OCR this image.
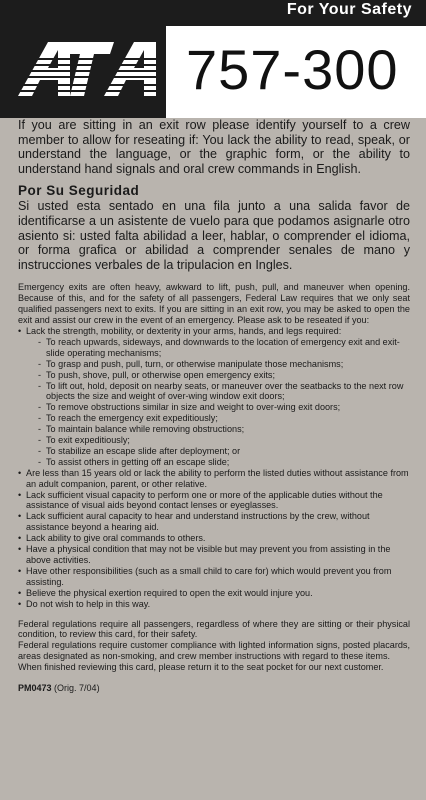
For Your Safety
757-300

If you are sitting in an exit row please identify yourself to a crew member to allow for reseating if: You lack the ability to read, speak, or understand the language, or the graphic form, or the ability to understand hand signals and oral crew commands in English.

Por Su Seguridad

Si usted esta sentado en una fila junto a una salida favor de identificarse a un asistente de vuelo para que podamos asignarle otro asiento si: usted falta abilidad a leer, hablar, o comprender el idioma, or forma grafica or abilidad a comprender senales de mano y instrucciones verbales de la tripulacion en Ingles.

Emergency exits are often heavy, awkward to lift, push, pull, and maneuver when opening. Because of this, and for the safety of all passengers, Federal Law requires that we only seat qualified passengers next to exits. If you are sitting in an exit row, you may be asked to open the exit and assist our crew in the event of an emergency. Please ask to be reseated if you:

• Lack the strength, mobility, or dexterity in your arms, hands, and legs required:
- To reach upwards, sideways, and downwards to the location of emergency exit and exit-slide operating mechanisms;
- To grasp and push, pull, turn, or otherwise manipulate those mechanisms;
- To push, shove, pull, or otherwise open emergency exits;
- To lift out, hold, deposit on nearby seats, or maneuver over the seatbacks to the next row objects the size and weight of over-wing window exit doors;
- To remove obstructions similar in size and weight to over-wing exit doors;
- To reach the emergency exit expeditiously;
- To maintain balance while removing obstructions;
- To exit expeditiously;
- To stabilize an escape slide after deployment; or
- To assist others in getting off an escape slide;
• Are less than 15 years old or lack the ability to perform the listed duties without assistance from an adult companion, parent, or other relative.
• Lack sufficient visual capacity to perform one or more of the applicable duties without the assistance of visual aids beyond contact lenses or eyeglasses.
• Lack sufficient aural capacity to hear and understand instructions by the crew, without assistance beyond a hearing aid.
• Lack ability to give oral commands to others.
• Have a physical condition that may not be visible but may prevent you from assisting in the above activities.
• Have other responsibilities (such as a small child to care for) which would prevent you from assisting.
• Believe the physical exertion required to open the exit would injure you.
• Do not wish to help in this way.

Federal regulations require all passengers, regardless of where they are sitting or their physical condition, to review this card, for their safety.

Federal regulations require customer compliance with lighted information signs, posted placards, areas designated as non-smoking, and crew member instructions with regard to these items.

When finished reviewing this card, please return it to the seat pocket for our next customer.

PM0473 (Orig. 7/04)
